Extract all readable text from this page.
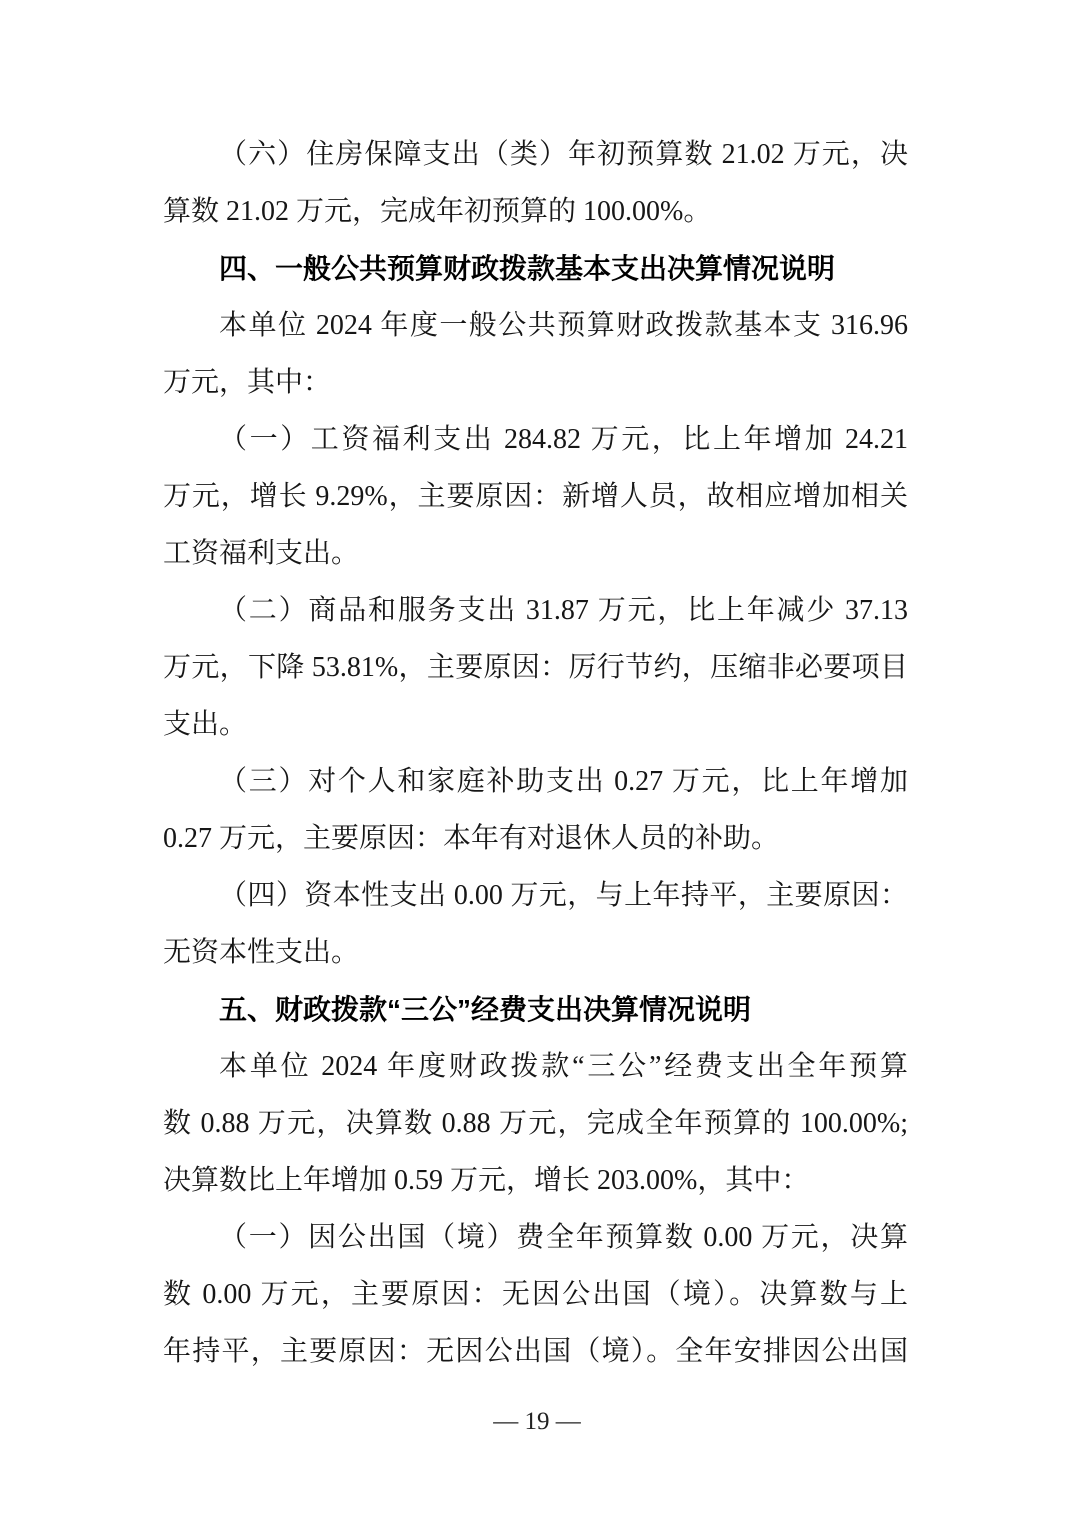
（六）住房保障支出（类）年初预算数 21.02 万元，决
算数 21.02 万元，完成年初预算的 100.00%。
四、一般公共预算财政拨款基本支出决算情况说明
本单位 2024 年度一般公共预算财政拨款基本支 316.96
万元，其中：
（一）工资福利支出 284.82 万元，比上年增加 24.21
万元，增长 9.29%，主要原因：新增人员，故相应增加相关
工资福利支出。
（二）商品和服务支出 31.87 万元，比上年减少 37.13
万元，下降 53.81%，主要原因：厉行节约，压缩非必要项目
支出。
（三）对个人和家庭补助支出 0.27 万元，比上年增加
0.27 万元，主要原因：本年有对退休人员的补助。
（四）资本性支出 0.00 万元，与上年持平，主要原因：
无资本性支出。
五、财政拨款“三公”经费支出决算情况说明
本单位 2024 年度财政拨款“三公”经费支出全年预算
数 0.88 万元，决算数 0.88 万元，完成全年预算的 100.00%;
决算数比上年增加 0.59 万元，增长 203.00%，其中：
（一）因公出国（境）费全年预算数 0.00 万元，决算
数 0.00 万元，主要原因：无因公出国（境）。决算数与上
年持平，主要原因：无因公出国（境）。全年安排因公出国
— 19 —
